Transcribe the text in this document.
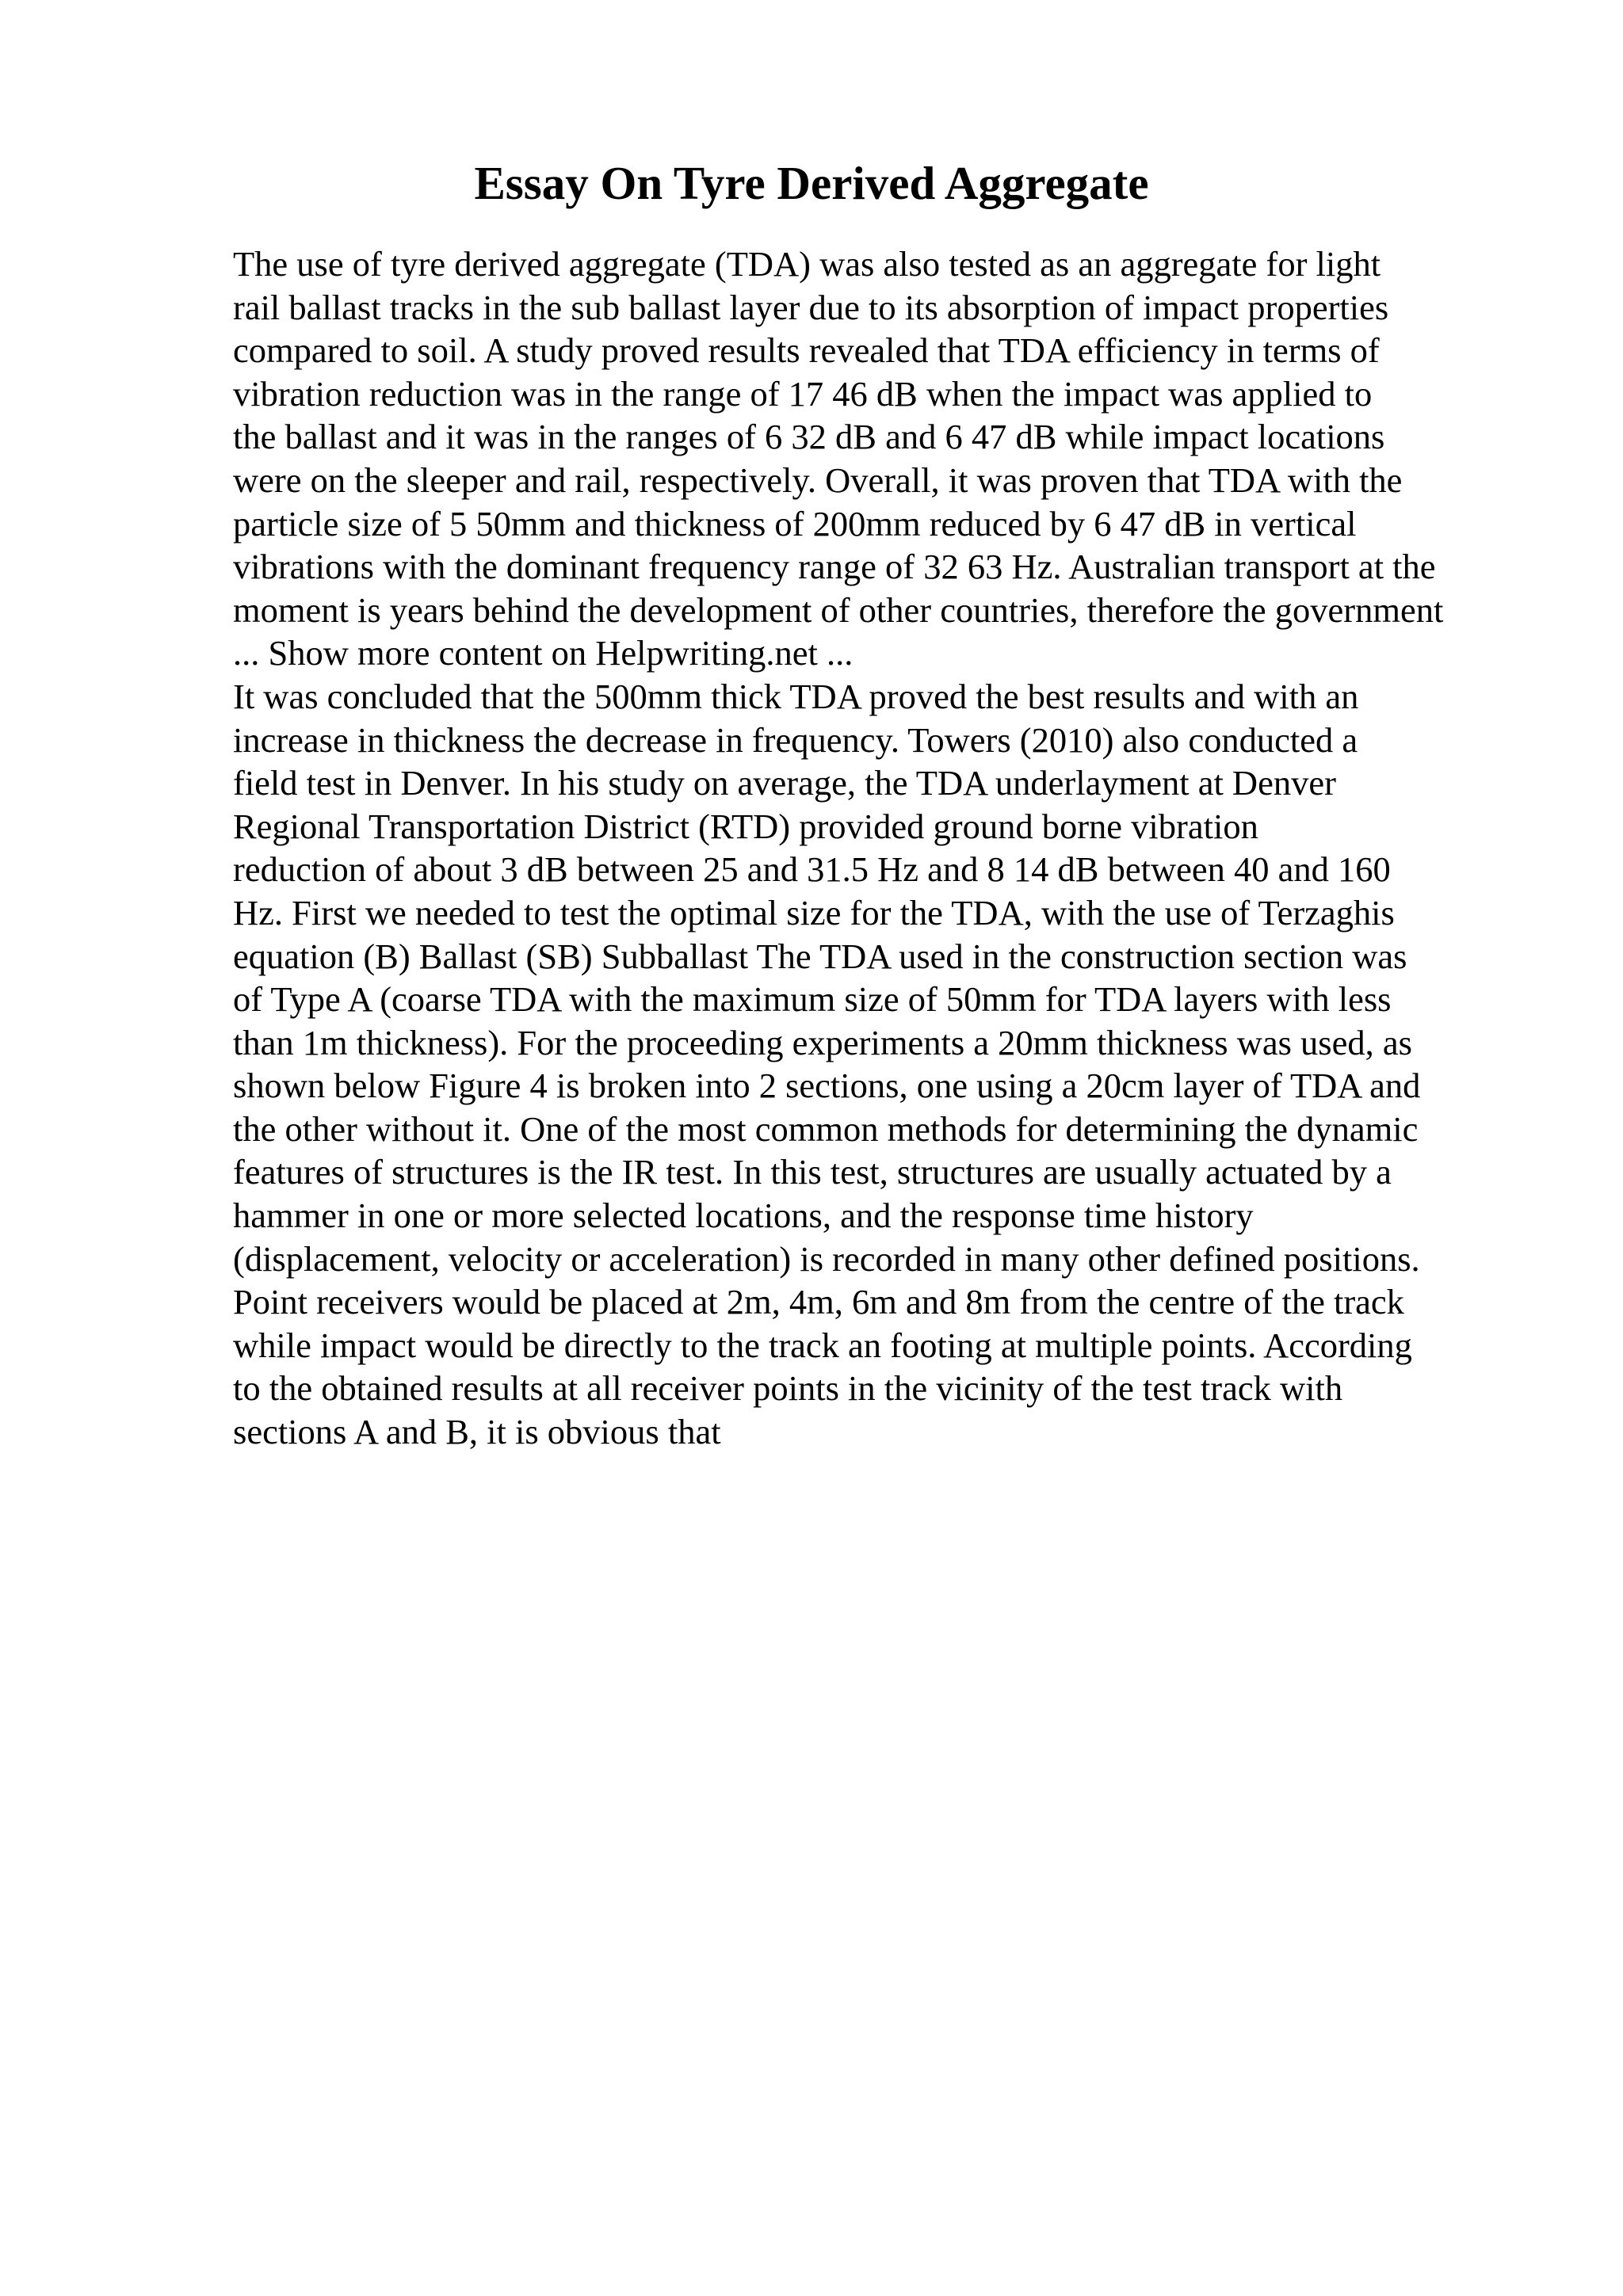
Essay On Tyre Derived Aggregate
The use of tyre derived aggregate (TDA) was also tested as an aggregate for light
rail ballast tracks in the sub ballast layer due to its absorption of impact properties
compared to soil. A study proved results revealed that TDA efficiency in terms of
vibration reduction was in the range of 17 46 dB when the impact was applied to
the ballast and it was in the ranges of 6 32 dB and 6 47 dB while impact locations
were on the sleeper and rail, respectively. Overall, it was proven that TDA with the
particle size of 5 50mm and thickness of 200mm reduced by 6 47 dB in vertical
vibrations with the dominant frequency range of 32 63 Hz. Australian transport at the
moment is years behind the development of other countries, therefore the government
... Show more content on Helpwriting.net ...
It was concluded that the 500mm thick TDA proved the best results and with an
increase in thickness the decrease in frequency. Towers (2010) also conducted a
field test in Denver. In his study on average, the TDA underlayment at Denver
Regional Transportation District (RTD) provided ground borne vibration
reduction of about 3 dB between 25 and 31.5 Hz and 8 14 dB between 40 and 160
Hz. First we needed to test the optimal size for the TDA, with the use of Terzaghis
equation (B) Ballast (SB) Subballast The TDA used in the construction section was
of Type A (coarse TDA with the maximum size of 50mm for TDA layers with less
than 1m thickness). For the proceeding experiments a 20mm thickness was used, as
shown below Figure 4 is broken into 2 sections, one using a 20cm layer of TDA and
the other without it. One of the most common methods for determining the dynamic
features of structures is the IR test. In this test, structures are usually actuated by a
hammer in one or more selected locations, and the response time history
(displacement, velocity or acceleration) is recorded in many other defined positions.
Point receivers would be placed at 2m, 4m, 6m and 8m from the centre of the track
while impact would be directly to the track an footing at multiple points. According
to the obtained results at all receiver points in the vicinity of the test track with
sections A and B, it is obvious that
